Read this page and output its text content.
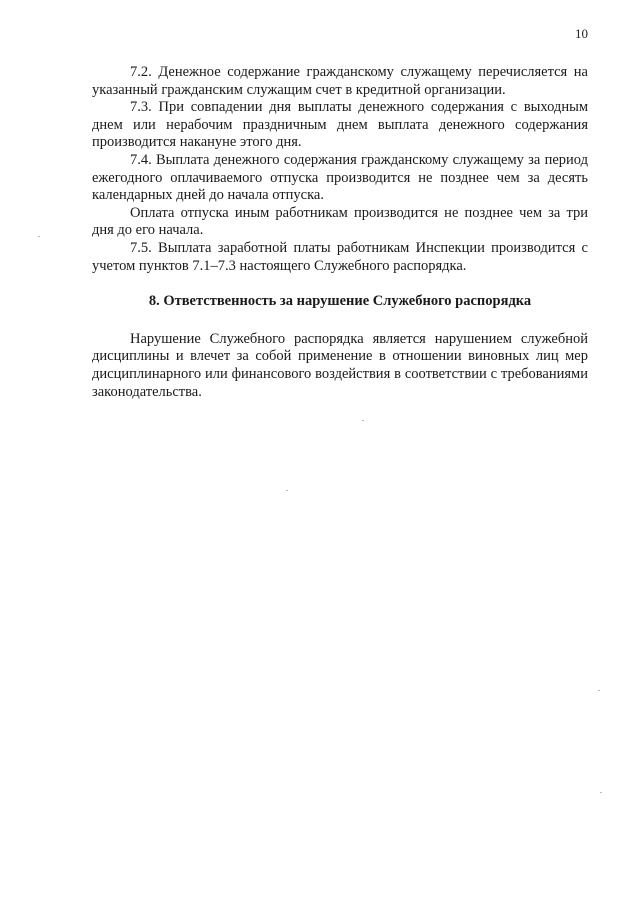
10

7.2. Денежное содержание гражданскому служащему перечисляется на указанный гражданским служащим счет в кредитной организации.

7.3. При совпадении дня выплаты денежного содержания с выходным днем или нерабочим праздничным днем выплата денежного содержания производится накануне этого дня.

7.4. Выплата денежного содержания гражданскому служащему за период ежегодного оплачиваемого отпуска производится не позднее чем за десять календарных дней до начала отпуска.

Оплата отпуска иным работникам производится не позднее чем за три дня до его начала.

7.5. Выплата заработной платы работникам Инспекции производится с учетом пунктов 7.1–7.3 настоящего Служебного распорядка.

8. Ответственность за нарушение Служебного распорядка

Нарушение Служебного распорядка является нарушением служебной дисциплины и влечет за собой применение в отношении виновных лиц мер дисциплинарного или финансового воздействия в соответствии с требованиями законодательства.
